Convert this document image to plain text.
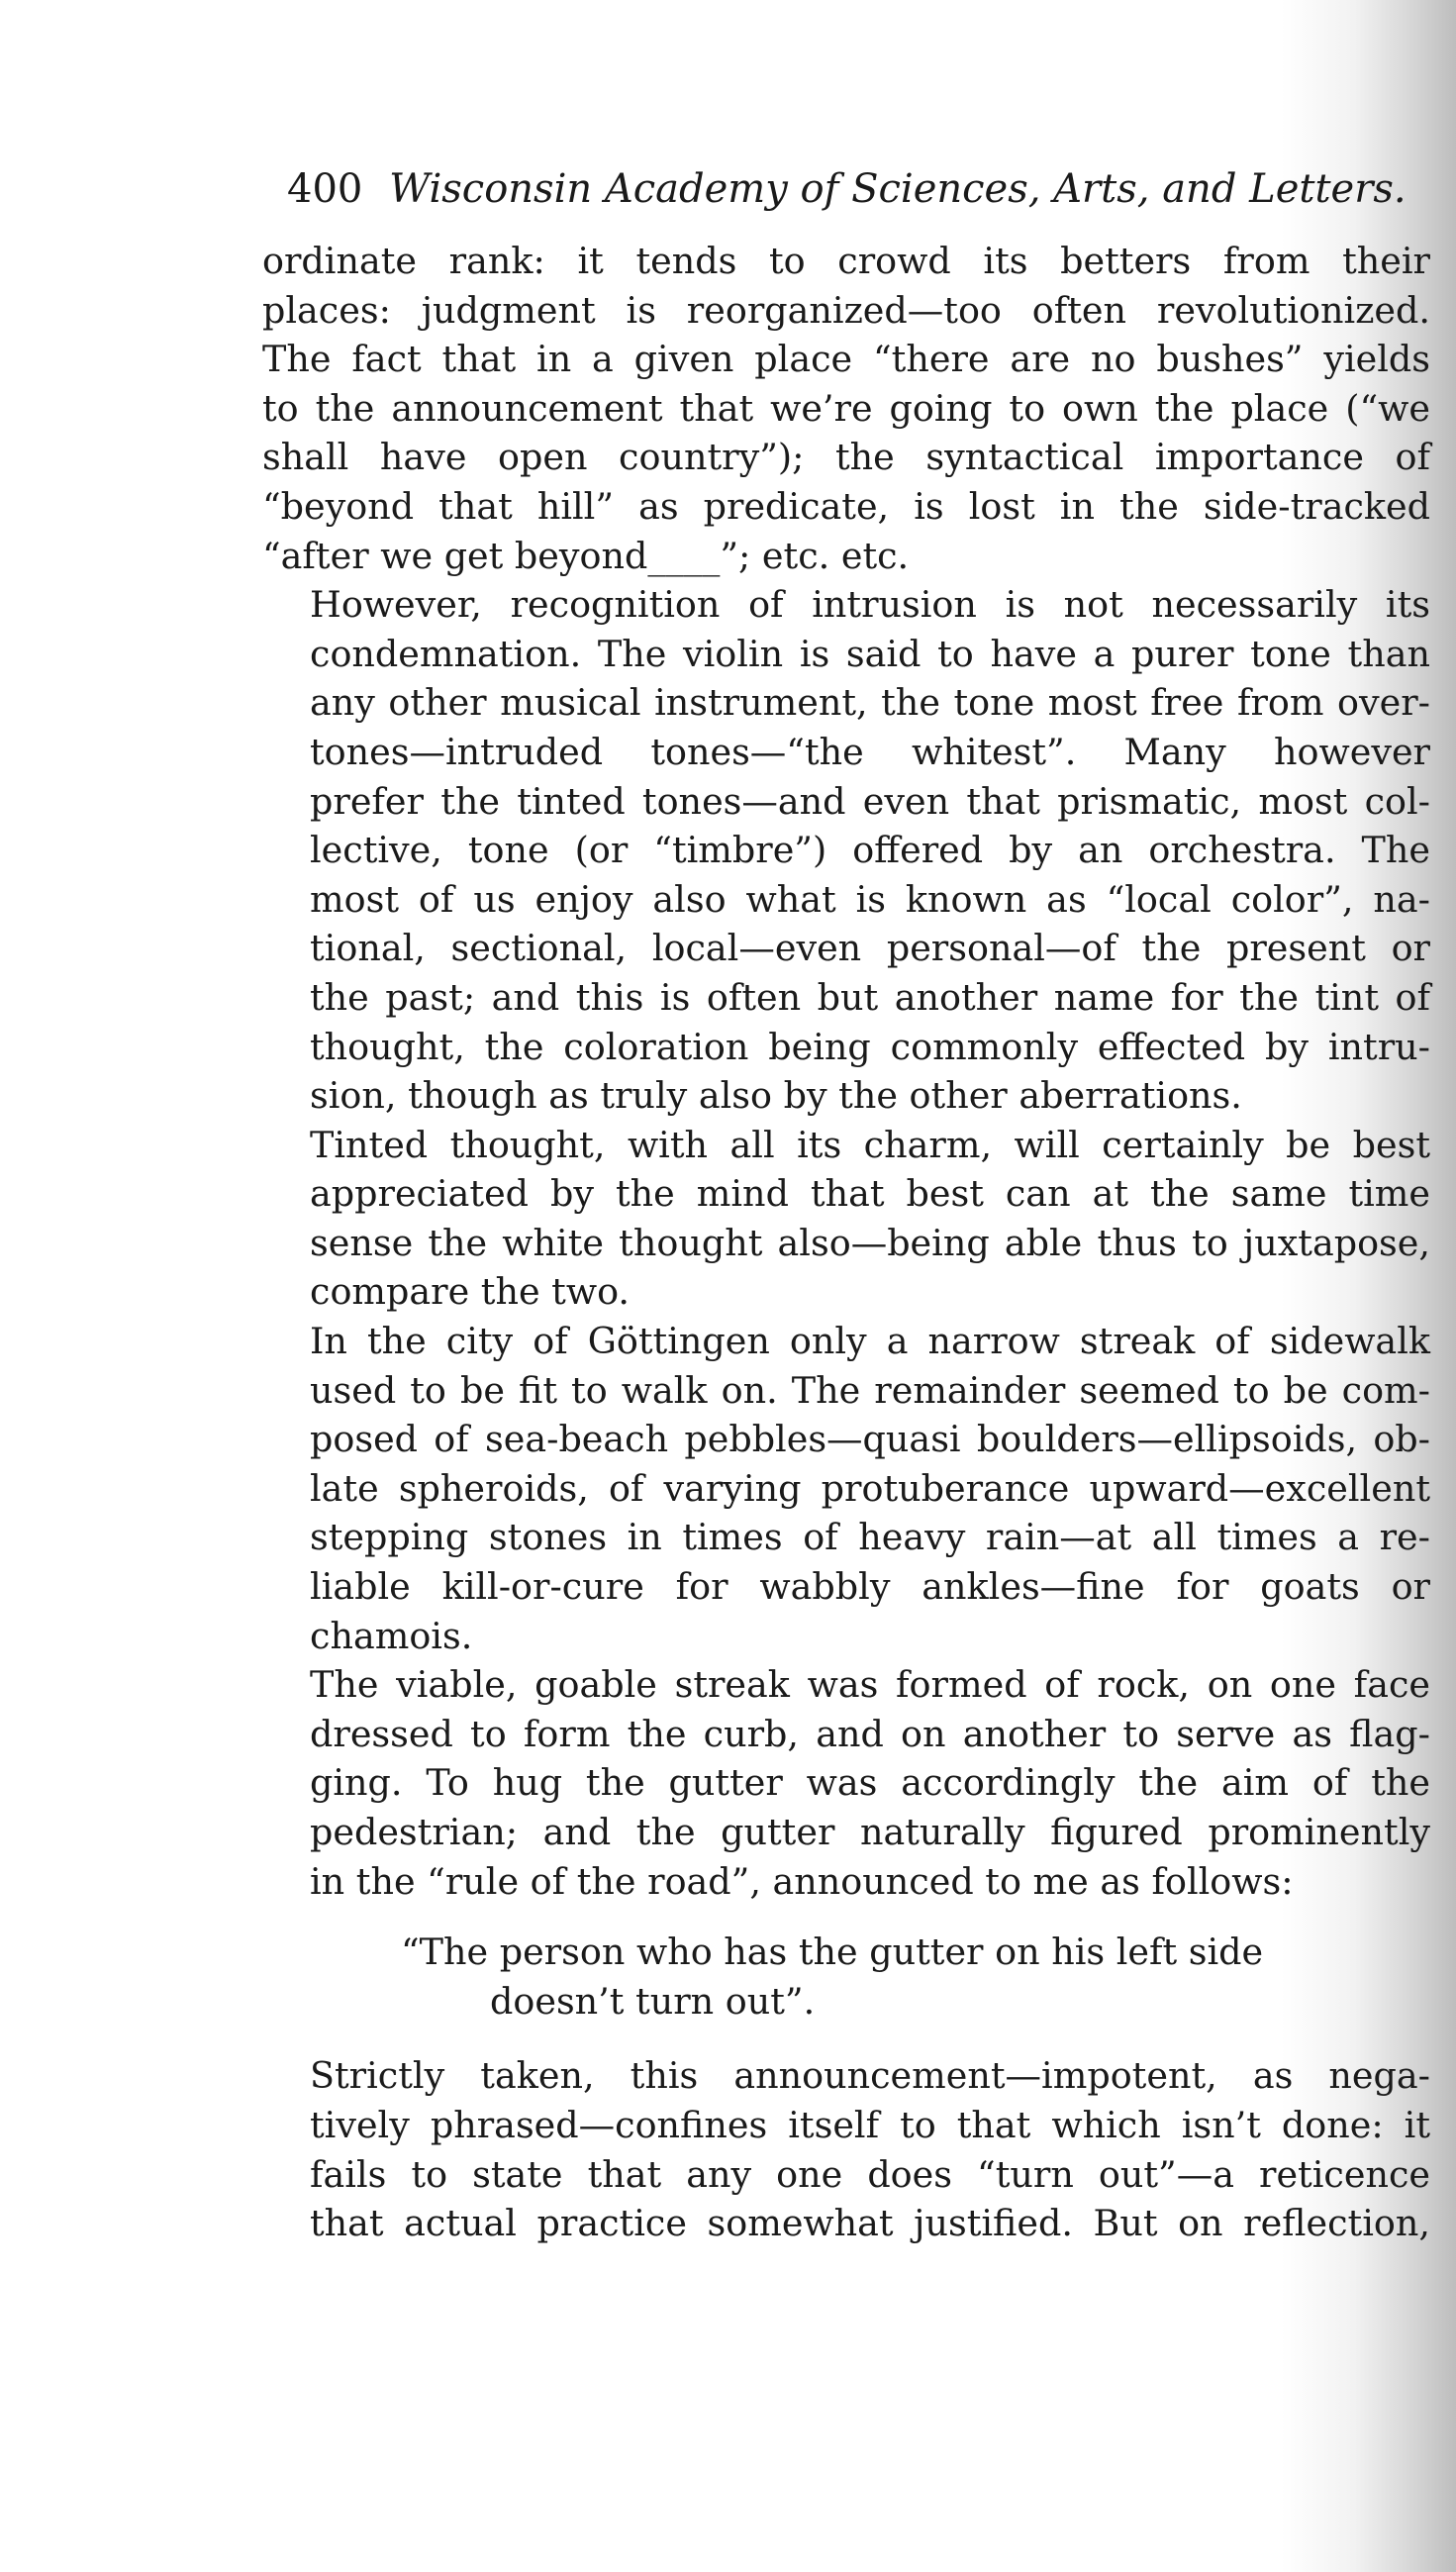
400 Wisconsin Academy of Sciences, Arts, and Letters.

ordinate rank: it tends to crowd its betters from their
places: judgment is reorganized—too often revolutionized.
The fact that in a given place “there are no bushes” yields
to the announcement that we’re going to own the place (“we
shall have open country”); the syntactical importance of
“beyond that hill” as predicate, is lost in the side-tracked
“after we get beyond____”; etc. etc.

However, recognition of intrusion is not necessarily its
condemnation. The violin is said to have a purer tone than
any other musical instrument, the tone most free from over-
tones—intruded tones—“the whitest”. Many however
prefer the tinted tones—and even that prismatic, most col-
lective, tone (or “timbre”) offered by an orchestra. The
most of us enjoy also what is known as “local color”, na-
tional, sectional, local—even personal—of the present or
the past; and this is often but another name for the tint of
thought, the coloration being commonly effected by intru-
sion, though as truly also by the other aberrations.

Tinted thought, with all its charm, will certainly be best
appreciated by the mind that best can at the same time
sense the white thought also—being able thus to juxtapose,
compare the two.

In the city of Göttingen only a narrow streak of sidewalk
used to be fit to walk on. The remainder seemed to be com-
posed of sea-beach pebbles—quasi boulders—ellipsoids, ob-
late spheroids, of varying protuberance upward—excellent
stepping stones in times of heavy rain—at all times a re-
liable kill-or-cure for wabbly ankles—fine for goats or
chamois.

The viable, goable streak was formed of rock, on one face
dressed to form the curb, and on another to serve as flag-
ging. To hug the gutter was accordingly the aim of the
pedestrian; and the gutter naturally figured prominently
in the “rule of the road”, announced to me as follows:

“The person who has the gutter on his left side
doesn’t turn out”.

Strictly taken, this announcement—impotent, as nega-
tively phrased—confines itself to that which isn’t done: it
fails to state that any one does “turn out”—a reticence
that actual practice somewhat justified. But on reflection,
